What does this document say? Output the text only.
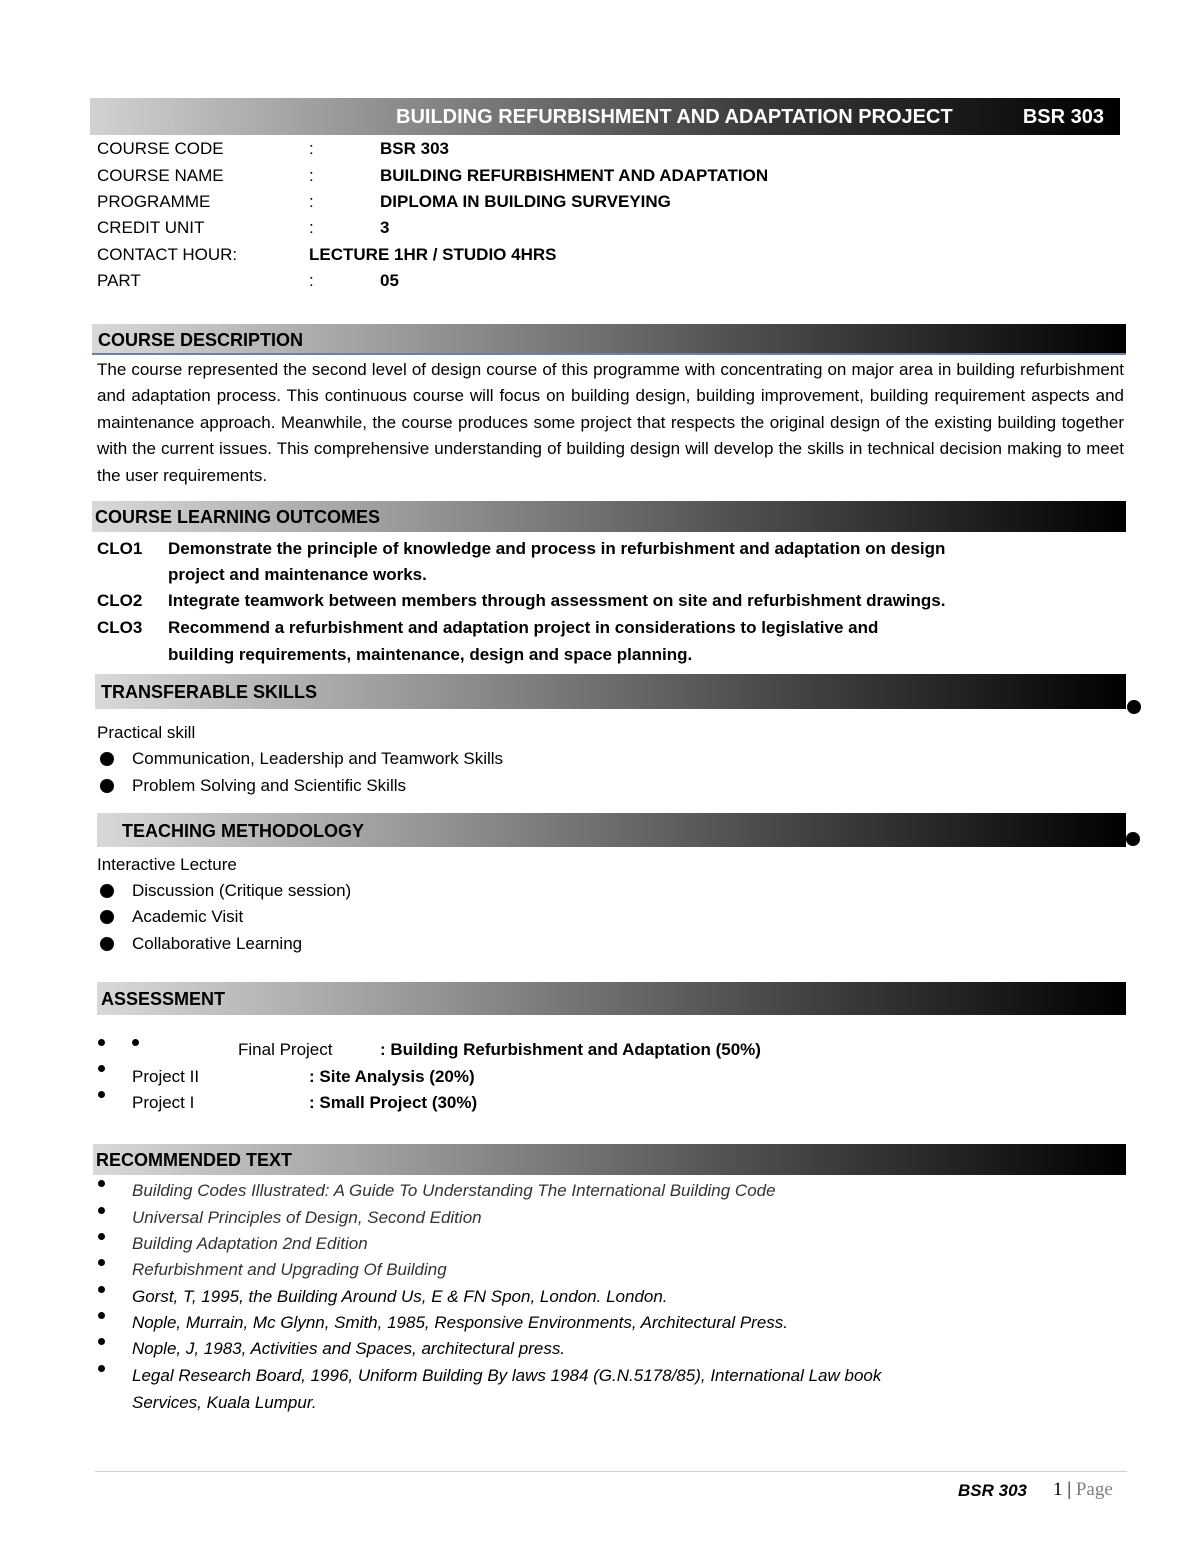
BUILDING REFURBISHMENT AND ADAPTATION PROJECT	BSR 303
COURSE CODE	:	BSR 303
COURSE NAME	:	BUILDING REFURBISHMENT AND ADAPTATION
PROGRAMME	:	DIPLOMA IN BUILDING SURVEYING
CREDIT UNIT	:	3
CONTACT HOUR:	LECTURE 1HR / STUDIO 4HRS
PART	:	05
COURSE DESCRIPTION
The course represented the second level of design course of this programme with concentrating on major area in building refurbishment and adaptation process. This continuous course will focus on building design, building improvement, building requirement aspects and maintenance approach. Meanwhile, the course produces some project that respects the original design of the existing building together with the current issues. This comprehensive understanding of building design will develop the skills in technical decision making to meet the user requirements.
COURSE LEARNING OUTCOMES
CLO1 Demonstrate the principle of knowledge and process in refurbishment and adaptation on design
project and maintenance works.
CLO2 Integrate teamwork between members through assessment on site and refurbishment drawings.
CLO3 Recommend a refurbishment and adaptation project in considerations to legislative and
building requirements, maintenance, design and space planning.
TRANSFERABLE SKILLS
Practical skill
Communication, Leadership and Teamwork Skills
Problem Solving and Scientific Skills
TEACHING METHODOLOGY
Interactive Lecture
Discussion (Critique session)
Academic Visit
Collaborative Learning
ASSESSMENT
Final Project	: Building Refurbishment and Adaptation (50%)
Project II	: Site Analysis (20%)
Project I	: Small Project (30%)
RECOMMENDED TEXT
Building Codes Illustrated: A Guide To Understanding The International Building Code
Universal Principles of Design, Second Edition
Building Adaptation 2nd Edition
Refurbishment and Upgrading Of Building
Gorst, T, 1995, the Building Around Us, E & FN Spon, London. London.
Nople, Murrain, Mc Glynn, Smith, 1985, Responsive Environments, Architectural Press.
Nople, J, 1983, Activities and Spaces, architectural press.
Legal Research Board, 1996, Uniform Building By laws 1984 (G.N.5178/85), International Law book
Services, Kuala Lumpur.
BSR 303 1 | Page
